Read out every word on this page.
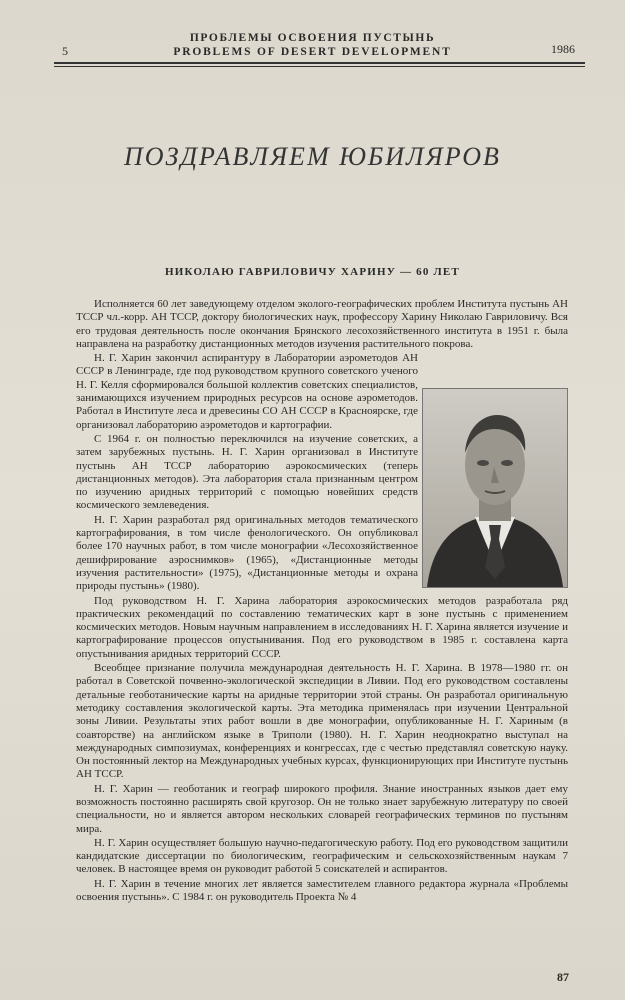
5
ПРОБЛЕМЫ ОСВОЕНИЯ ПУСТЫНЬ
PROBLEMS OF DESERT DEVELOPMENT	1986
ПОЗДРАВЛЯЕМ ЮБИЛЯРОВ
НИКОЛАЮ ГАВРИЛОВИЧУ ХАРИНУ — 60 ЛЕТ

Исполняется 60 лет заведующему отделом эколого-географических проблем Института пустынь АН ТССР чл.-корр. АН ТССР, доктору биологических наук, профессору Харину Николаю Гавриловичу. Вся его трудовая деятельность после окончания Брянского лесохозяйственного института в 1951 г. была направлена на разработку дистанционных методов изучения растительного покрова.

Н. Г. Харин закончил аспирантуру в Лаборатории аэрометодов АН СССР в Ленинграде, где под руководством крупного советского ученого Н. Г. Келля сформировался большой коллектив советских специалистов, занимающихся изучением природных ресурсов на основе аэрометодов. Работал в Институте леса и древесины СО АН СССР в Красноярске, где организовал лабораторию аэрометодов и картографии.

С 1964 г. он полностью переключился на изучение советских, а затем зарубежных пустынь. Н. Г. Харин организовал в Институте пустынь АН ТССР лабораторию аэрокосмических (теперь дистанционных методов). Эта лаборатория стала признанным центром по изучению аридных территорий с помощью новейших средств космического землеведения.

Н. Г. Харин разработал ряд оригинальных методов тематического картографирования, в том числе фенологического. Он опубликовал более 170 научных работ, в том числе монографии «Лесохозяйственное дешифрирование аэроснимков» (1965), «Дистанционные методы изучения растительности» (1975), «Дистанционные методы и охрана природы пустынь» (1980).

Под руководством Н. Г. Харина лаборатория аэрокосмических методов разработала ряд практических рекомендаций по составлению тематических карт в зоне пустынь с применением космических методов. Новым научным направлением в исследованиях Н. Г. Харина является изучение и картографирование процессов опустынивания. Под его руководством в 1985 г. составлена карта опустынивания аридных территорий СССР.

Всеобщее признание получила международная деятельность Н. Г. Харина. В 1978—1980 гг. он работал в Советской почвенно-экологической экспедиции в Ливии. Под его руководством составлены детальные геоботанические карты на аридные территории этой страны. Он разработал оригинальную методику составления экологической карты. Эта методика применялась при изучении Центральной зоны Ливии. Результаты этих работ вошли в две монографии, опубликованные Н. Г. Хариным (в соавторстве) на английском языке в Триполи (1980). Н. Г. Харин неоднократно выступал на международных симпозиумах, конференциях и конгрессах, где с честью представлял советскую науку. Он постоянный лектор на Международных учебных курсах, функционирующих при Институте пустынь АН ТССР.

Н. Г. Харин — геоботаник и географ широкого профиля. Знание иностранных языков дает ему возможность постоянно расширять свой кругозор. Он не только знает зарубежную литературу по своей специальности, но и является автором нескольких словарей географических терминов по пустыням мира.

Н. Г. Харин осуществляет большую научно-педагогическую работу. Под его руководством защитили кандидатские диссертации по биологическим, географическим и сельскохозяйственным наукам 7 человек. В настоящее время он руководит работой 5 соискателей и аспирантов.

Н. Г. Харин в течение многих лет является заместителем главного редактора журнала «Проблемы освоения пустынь». С 1984 г. он руководитель Проекта № 4

87
